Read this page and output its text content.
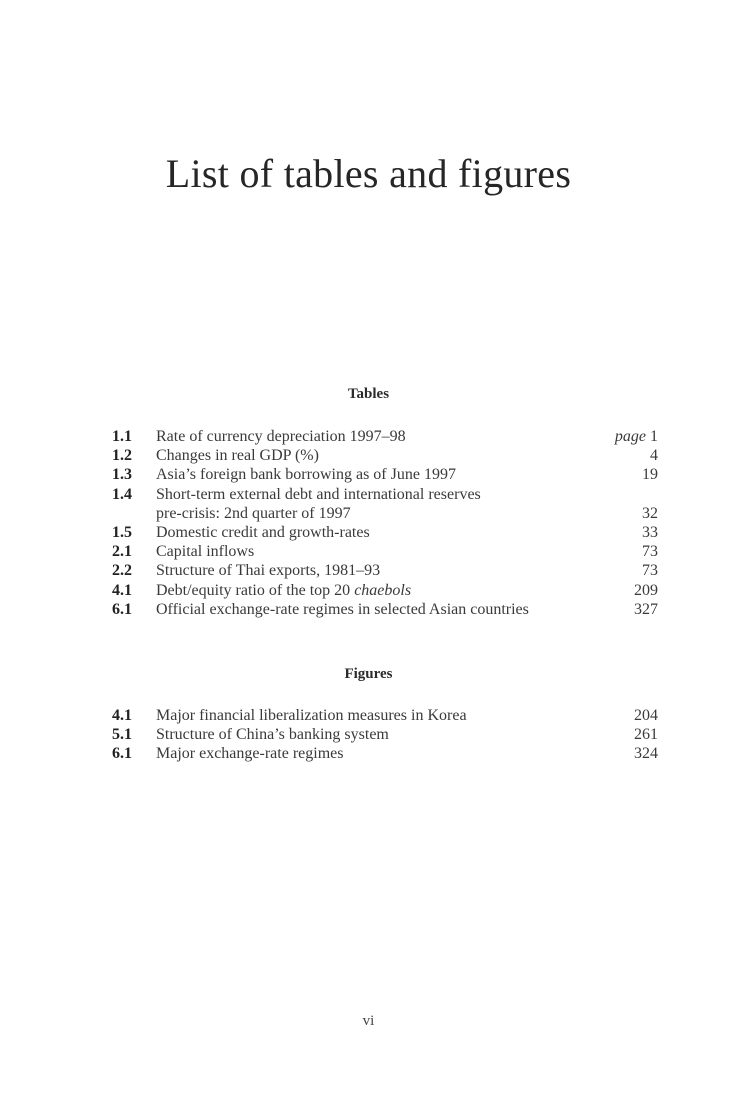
List of tables and figures
Tables
1.1	Rate of currency depreciation 1997–98	page 1
1.2	Changes in real GDP (%)	4
1.3	Asia’s foreign bank borrowing as of June 1997	19
1.4	Short-term external debt and international reserves
pre-crisis: 2nd quarter of 1997	32
1.5	Domestic credit and growth-rates	33
2.1	Capital inflows	73
2.2	Structure of Thai exports, 1981–93	73
4.1	Debt/equity ratio of the top 20 chaebols	209
6.1	Official exchange-rate regimes in selected Asian countries	327
Figures
4.1	Major financial liberalization measures in Korea	204
5.1	Structure of China’s banking system	261
6.1	Major exchange-rate regimes	324

vi
